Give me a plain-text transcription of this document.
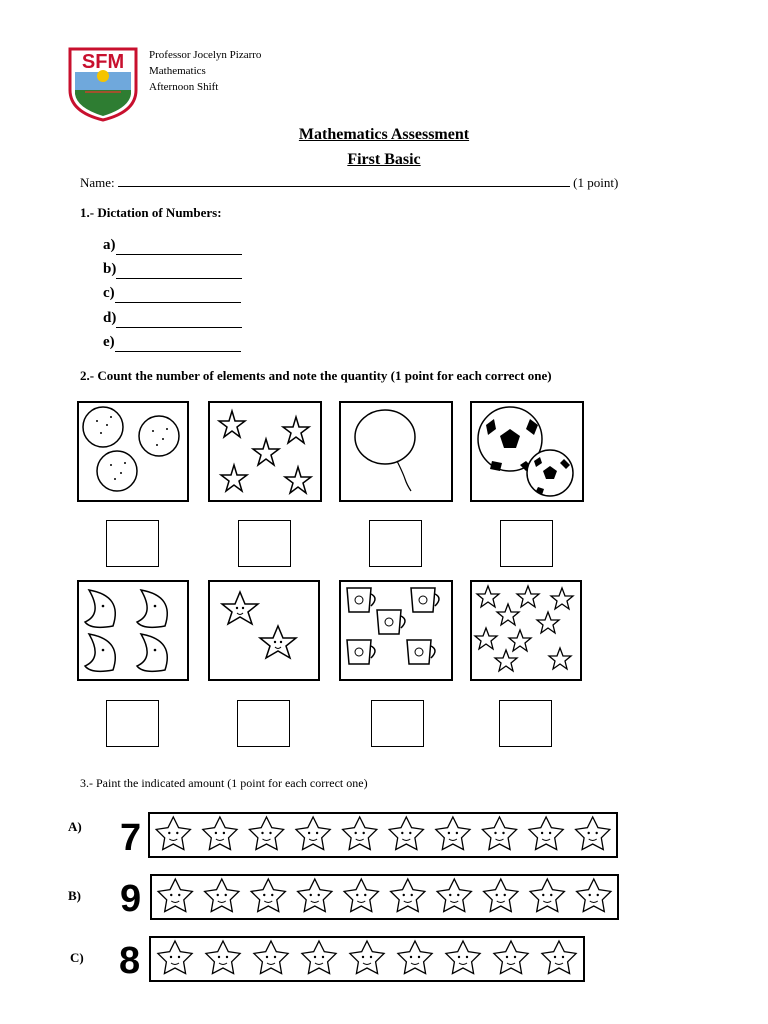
SFM Professor Jocelyn Pizarro
Mathematics
Afternoon Shift
Mathematics Assessment
First Basic
Name:	(1 point)
1.- Dictation of Numbers:
a)
b)
c)
d)
e)
2.- Count the number of elements and note the quantity (1 point for each correct one)
3.- Paint the indicated amount (1 point for each correct one)
A) 7
B) 9
C) 8
